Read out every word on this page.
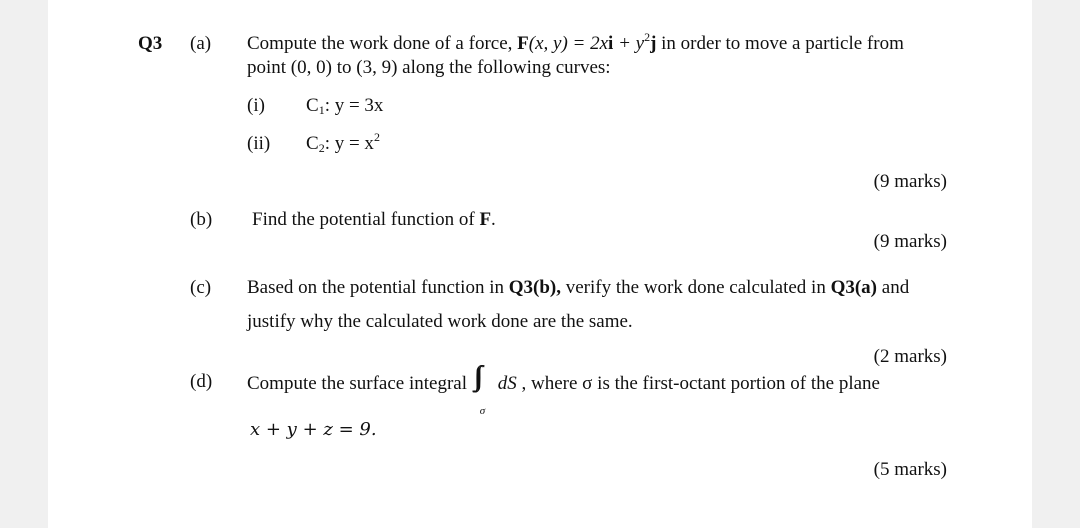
Q3 (a) Compute the work done of a force, F(x, $y) = 2xi + y^2j$ in order to move a particle from
point (0, 0) to (3, 9) along the following curves:
(i) C1: y = 3x
(ii) C2: $y = x^2$
(9 marks)
(b) Find the potential function of F.
(9 marks)
(c) Based on the potential function in Q3(b), verify the work done calculated in Q3(a) and
justify why the calculated work done are the same.
(2 marks)
(d) Compute the surface integral ∫∫
σ
dS , where σ is the first-octant portion of the plane
x + y + z = 9.
(5 marks)
